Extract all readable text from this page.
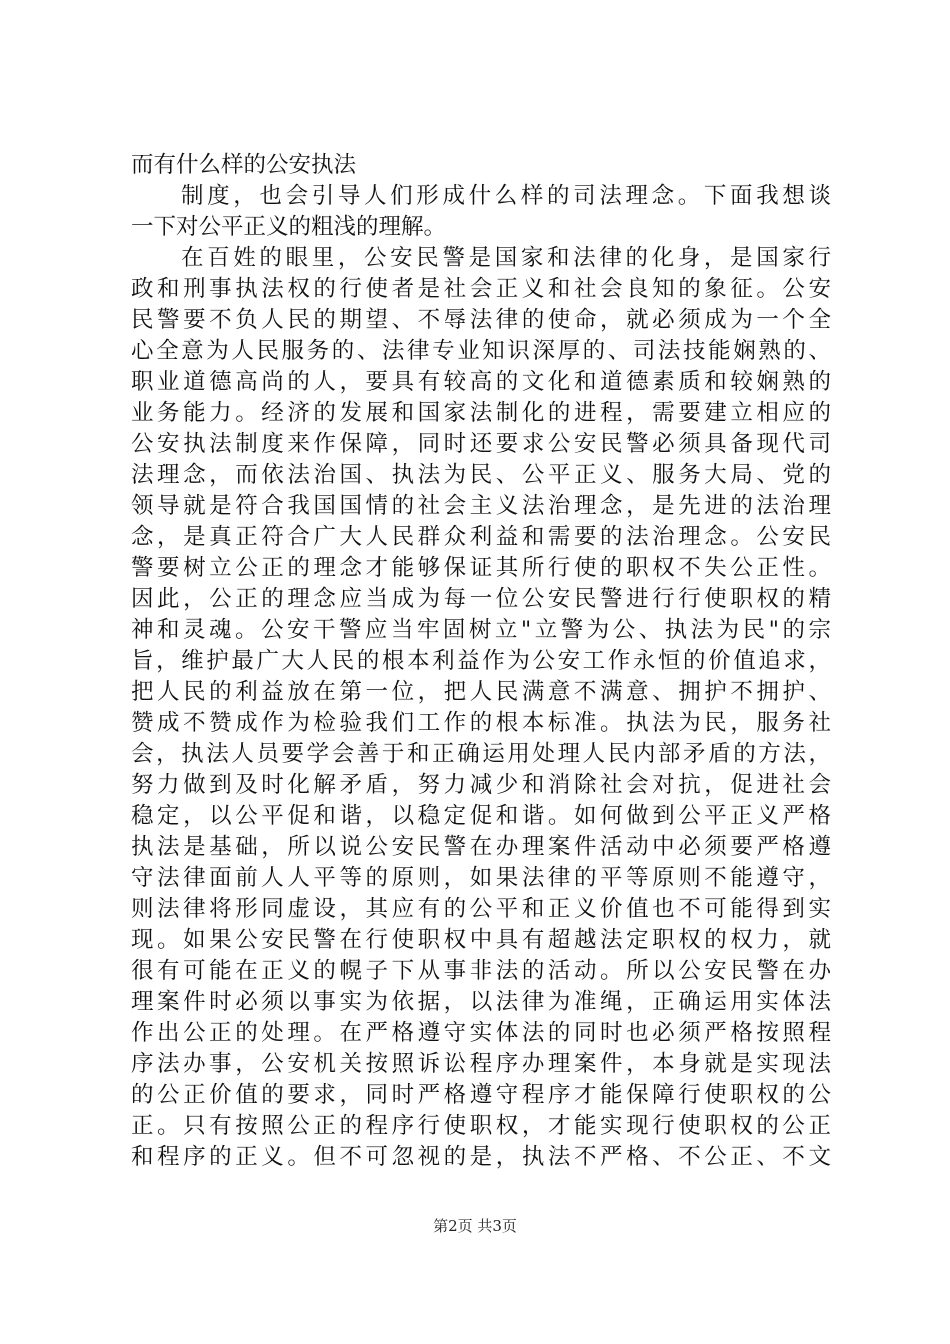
而有什么样的公安执法
制度，也会引导人们形成什么样的司法理念。下面我想谈
一下对公平正义的粗浅的理解。
在百姓的眼里，公安民警是国家和法律的化身，是国家行
政和刑事执法权的行使者是社会正义和社会良知的象征。公安
民警要不负人民的期望、不辱法律的使命，就必须成为一个全
心全意为人民服务的、法律专业知识深厚的、司法技能娴熟的、
职业道德高尚的人，要具有较高的文化和道德素质和较娴熟的
业务能力。经济的发展和国家法制化的进程，需要建立相应的
公安执法制度来作保障，同时还要求公安民警必须具备现代司
法理念，而依法治国、执法为民、公平正义、服务大局、党的
领导就是符合我国国情的社会主义法治理念，是先进的法治理
念，是真正符合广大人民群众利益和需要的法治理念。公安民
警要树立公正的理念才能够保证其所行使的职权不失公正性。
因此，公正的理念应当成为每一位公安民警进行行使职权的精
神和灵魂。公安干警应当牢固树立"立警为公、执法为民"的宗
旨，维护最广大人民的根本利益作为公安工作永恒的价值追求，
把人民的利益放在第一位，把人民满意不满意、拥护不拥护、
赞成不赞成作为检验我们工作的根本标准。执法为民，服务社
会，执法人员要学会善于和正确运用处理人民内部矛盾的方法，
努力做到及时化解矛盾，努力减少和消除社会对抗，促进社会
稳定，以公平促和谐，以稳定促和谐。如何做到公平正义严格
执法是基础，所以说公安民警在办理案件活动中必须要严格遵
守法律面前人人平等的原则，如果法律的平等原则不能遵守，
则法律将形同虚设，其应有的公平和正义价值也不可能得到实
现。如果公安民警在行使职权中具有超越法定职权的权力，就
很有可能在正义的幌子下从事非法的活动。所以公安民警在办
理案件时必须以事实为依据，以法律为准绳，正确运用实体法
作出公正的处理。在严格遵守实体法的同时也必须严格按照程
序法办事，公安机关按照诉讼程序办理案件，本身就是实现法
的公正价值的要求，同时严格遵守程序才能保障行使职权的公
正。只有按照公正的程序行使职权，才能实现行使职权的公正
和程序的正义。但不可忽视的是，执法不严格、不公正、不文
第2页 共3页
